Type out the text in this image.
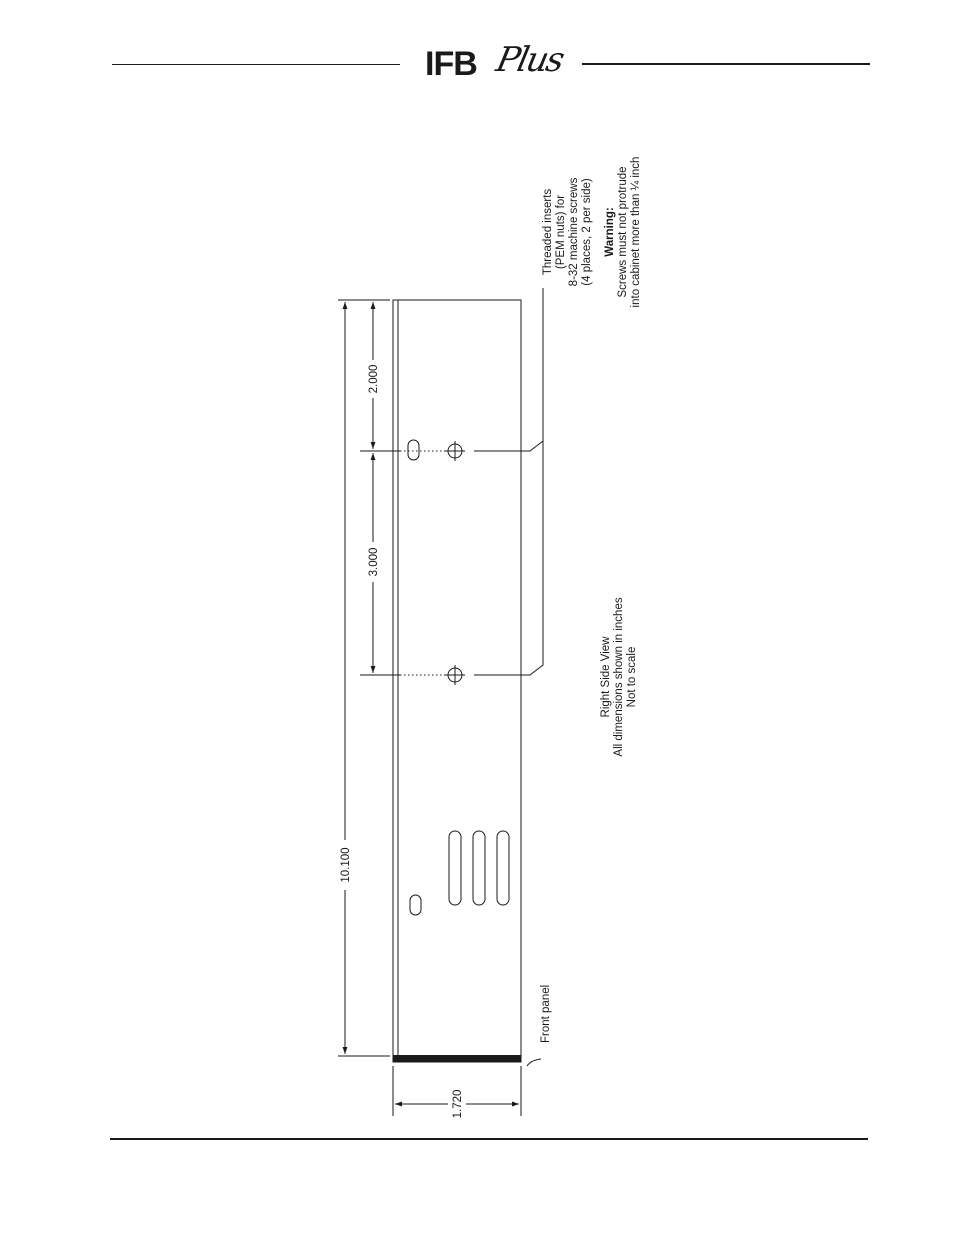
IFB Plus
10.100
2.000
3.000
1.720
Front panel
Threaded inserts (PEM nuts) for 8-32 machine screws (4 places, 2 per side) Warning: Screws must not protrude into cabinet more than ¼ inch
Right Side View All dimensions shown in inches Not to scale
